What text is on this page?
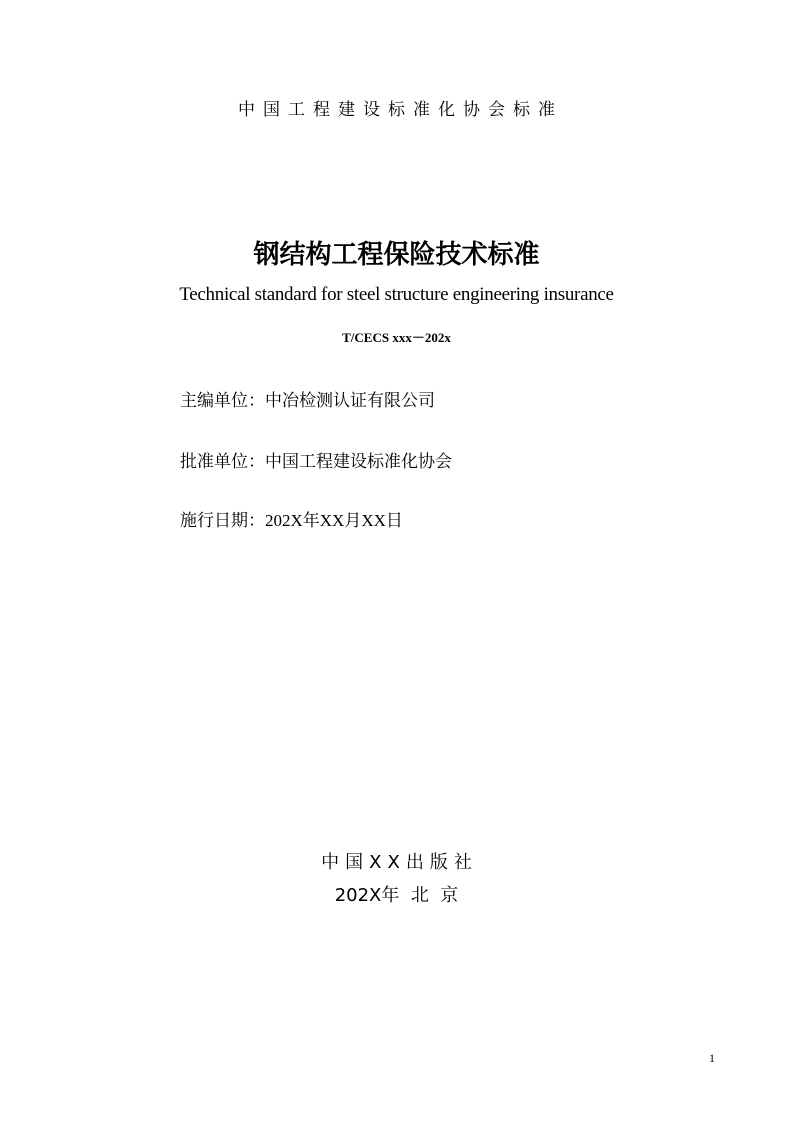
中国工程建设标准化协会标准
钢结构工程保险技术标准
Technical standard for steel structure engineering insurance
T/CECS xxx－202x
主编单位：中冶检测认证有限公司
批准单位：中国工程建设标准化协会
施行日期：202X年XX月XX日
中国XX出版社
202X年  北  京
1
